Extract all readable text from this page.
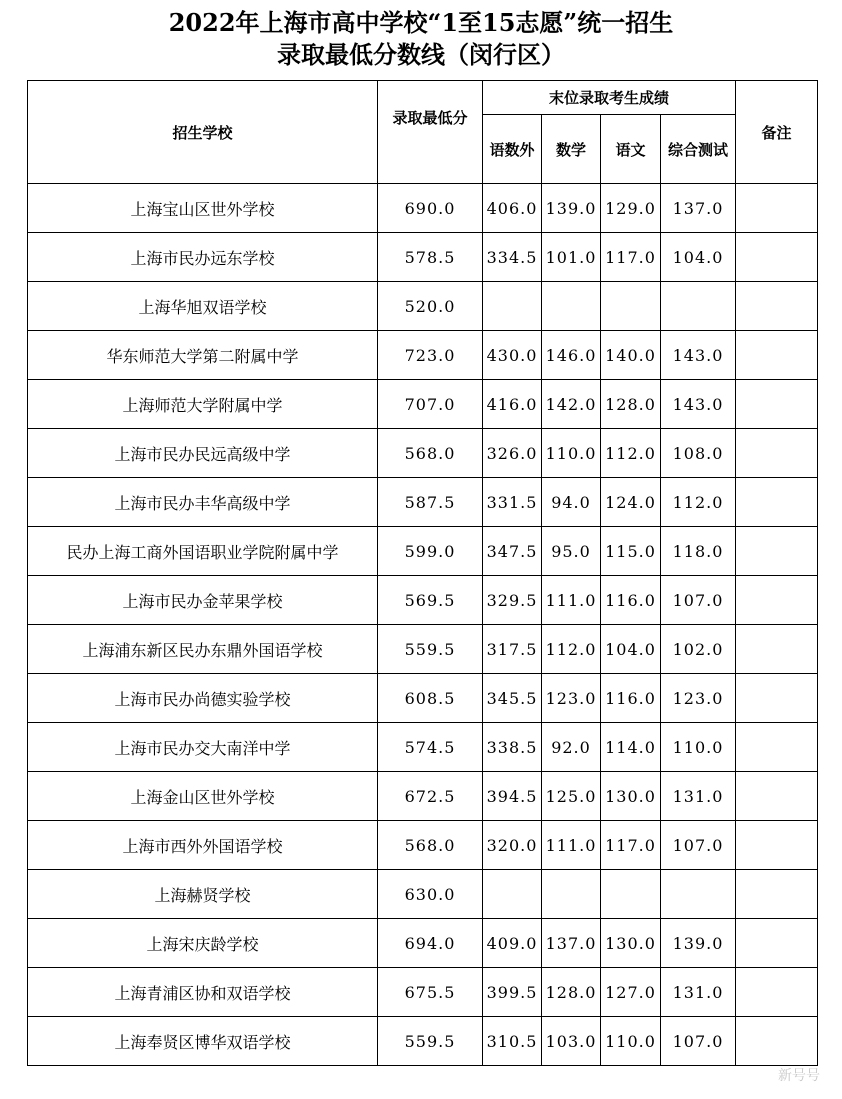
2022年上海市高中学校“1至15志愿”统一招生
录取最低分数线（闵行区）
招生学校	录取最低分	末位录取考生成绩				备注
		语数外	数学	语文	综合测试	
上海宝山区世外学校	690.0	406.0	139.0	129.0	137.0	
上海市民办远东学校	578.5	334.5	101.0	117.0	104.0	
上海华旭双语学校	520.0					
华东师范大学第二附属中学	723.0	430.0	146.0	140.0	143.0	
上海师范大学附属中学	707.0	416.0	142.0	128.0	143.0	
上海市民办民远高级中学	568.0	326.0	110.0	112.0	108.0	
上海市民办丰华高级中学	587.5	331.5	94.0	124.0	112.0	
民办上海工商外国语职业学院附属中学	599.0	347.5	95.0	115.0	118.0	
上海市民办金苹果学校	569.5	329.5	111.0	116.0	107.0	
上海浦东新区民办东鼎外国语学校	559.5	317.5	112.0	104.0	102.0	
上海市民办尚德实验学校	608.5	345.5	123.0	116.0	123.0	
上海市民办交大南洋中学	574.5	338.5	92.0	114.0	110.0	
上海金山区世外学校	672.5	394.5	125.0	130.0	131.0	
上海市西外外国语学校	568.0	320.0	111.0	117.0	107.0	
上海赫贤学校	630.0					
上海宋庆龄学校	694.0	409.0	137.0	130.0	139.0	
上海青浦区协和双语学校	675.5	399.5	128.0	127.0	131.0	
上海奉贤区博华双语学校	559.5	310.5	103.0	110.0	107.0	
新号号
